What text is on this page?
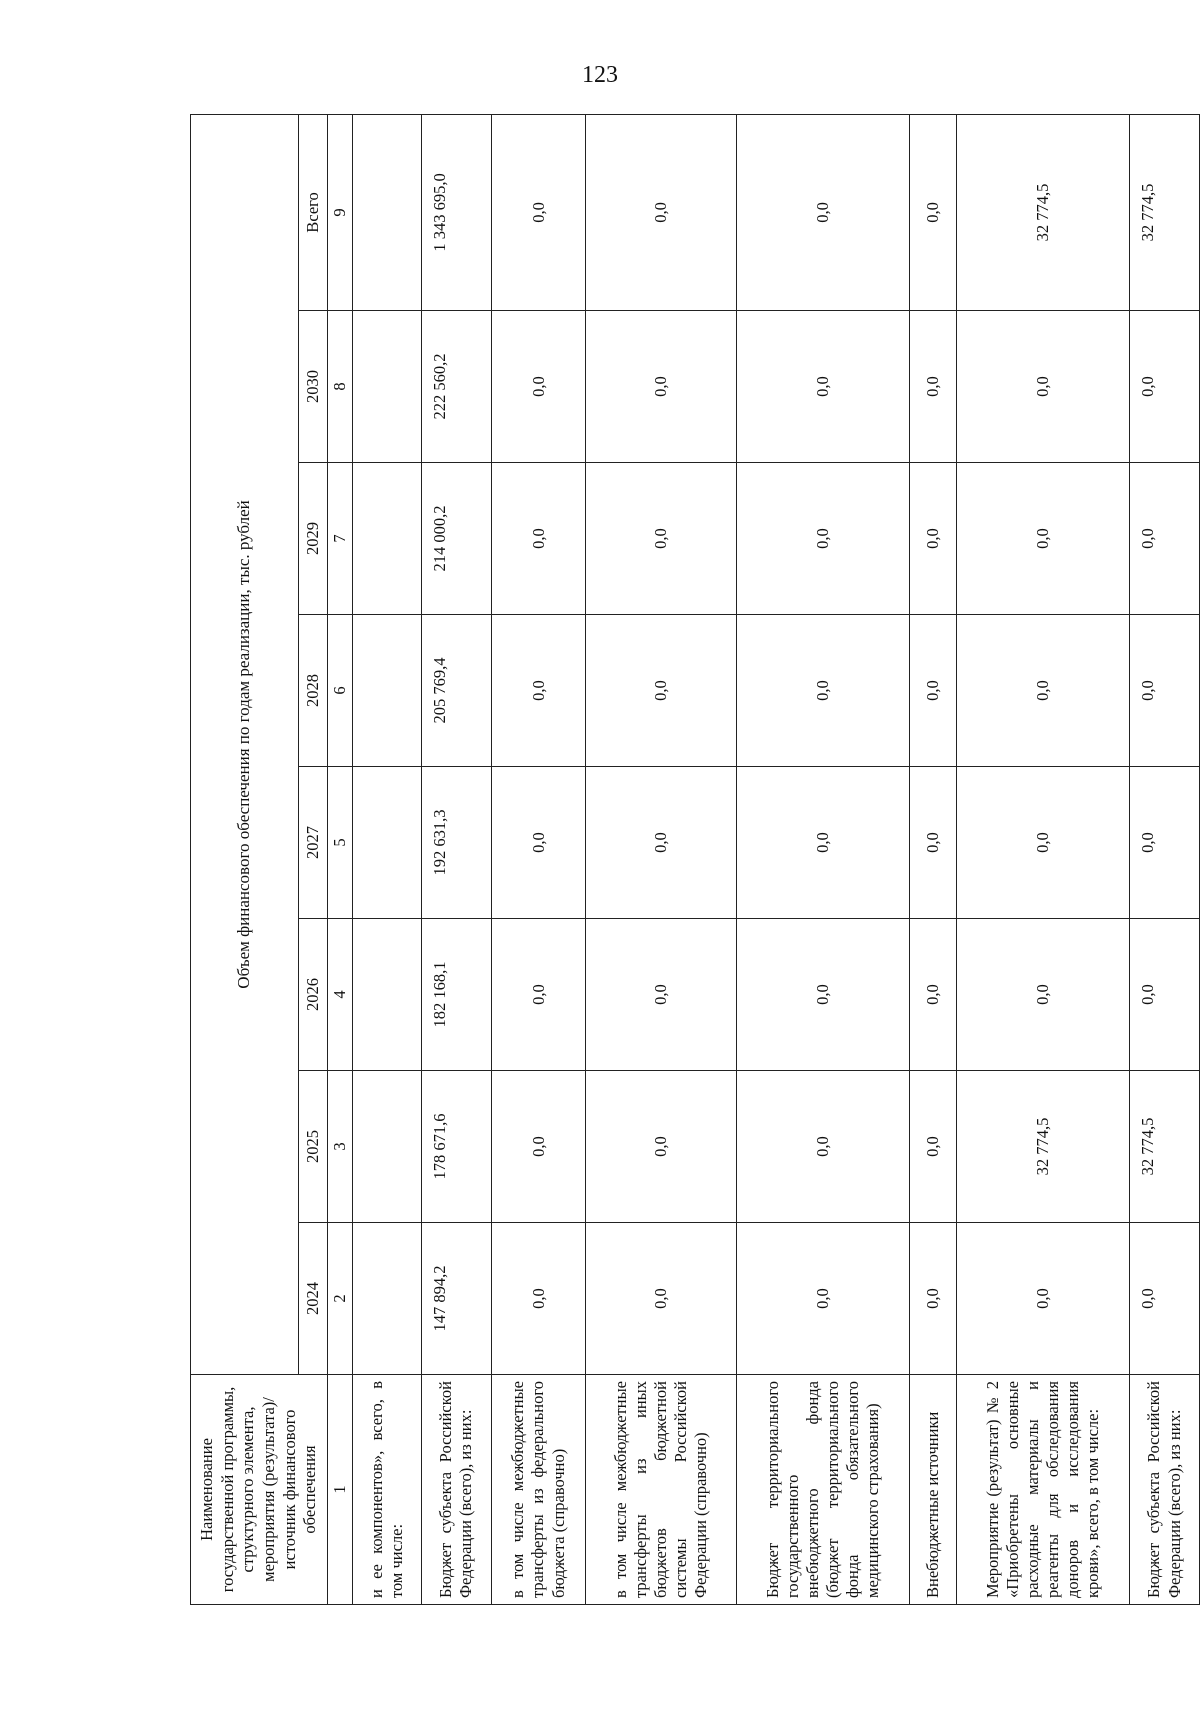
123
Наименование государственной программы, структурного элемента, мероприятия (результата)/источник финансового обеспечения	Объем финансового обеспечения по годам реализации, тыс. рублей							
	2024	2025	2026	2027	2028	2029	2030	Всего
1	2	3	4	5	6	7	8	9
и ее компонентов», всего, в том числе:								
Бюджет субъекта Российской Федерации (всего), из них:	147 894,2	178 671,6	182 168,1	192 631,3	205 769,4	214 000,2	222 560,2	1 343 695,0
в том числе межбюджетные трансферты из федерального бюджета (справочно)	0,0	0,0	0,0	0,0	0,0	0,0	0,0	0,0
в том числе межбюджетные трансферты из иных бюджетов бюджетной системы Российской Федерации (справочно)	0,0	0,0	0,0	0,0	0,0	0,0	0,0	0,0
Бюджет территориального государственного внебюджетного фонда (бюджет территориального фонда обязательного медицинского страхования)	0,0	0,0	0,0	0,0	0,0	0,0	0,0	0,0
Внебюджетные источники	0,0	0,0	0,0	0,0	0,0	0,0	0,0	0,0
Мероприятие (результат) № 2 «Приобретены основные расходные материалы и реагенты для обследования доноров и исследования крови», всего, в том числе:	0,0	32 774,5	0,0	0,0	0,0	0,0	0,0	32 774,5
Бюджет субъекта Российской Федерации (всего), из них:	0,0	32 774,5	0,0	0,0	0,0	0,0	0,0	32 774,5
